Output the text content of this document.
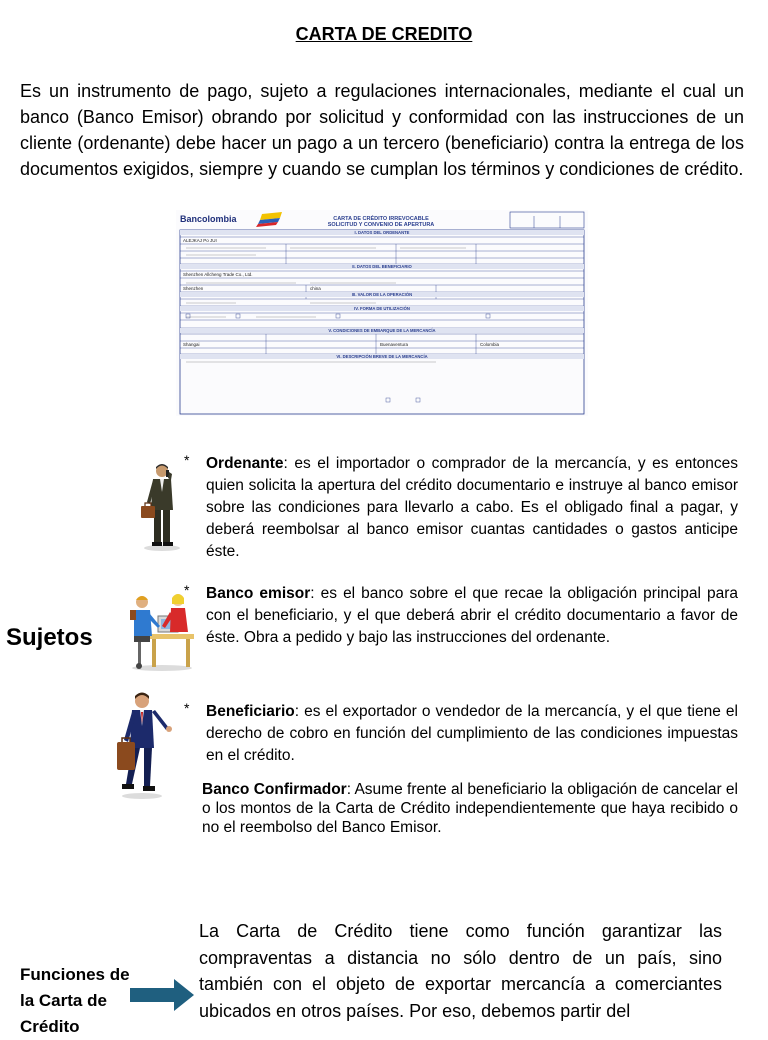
CARTA DE CREDITO

Es un instrumento de pago, sujeto a regulaciones internacionales, mediante el cual un banco (Banco Emisor) obrando por solicitud y conformidad con las instrucciones de un cliente (ordenante) debe hacer un pago a un tercero (beneficiario) contra la entrega de los documentos exigidos, siempre y cuando se cumplan los términos y condiciones de crédito.

Bancolombia	CARTA DE CRÉDITO IRREVOCABLE
SOLICITUD Y CONVENIO DE APERTURA
I. DATOS DEL ORDENANTE
II. DATOS DEL BENEFICIARIO
III. VALOR DE LA OPERACIÓN
IV. FORMA DE UTILIZACIÓN
V. CONDICIONES DE EMBARQUE DE LA MERCANCÍA
VI. DESCRIPCIÓN BREVE DE LA MERCANCÍA
ALEJKAJ Po JUI
Shenzhen Allcheng Trade Co., Ltd.
Shenzhen	china
Shangai	Buenaventura	Colombia
Sujetos
* Ordenante: es el importador o comprador de la mercancía, y es entonces quien solicita la apertura del crédito documentario e instruye al banco emisor sobre las condiciones para llevarlo a cabo. Es el obligado final a pagar, y deberá reembolsar al banco emisor cuantas cantidades o gastos anticipe éste.

* Banco emisor: es el banco sobre el que recae la obligación principal para con el beneficiario, y el que deberá abrir el crédito documentario a favor de éste. Obra a pedido y bajo las instrucciones del ordenante.

* Beneficiario: es el exportador o vendedor de la mercancía, y el que tiene el derecho de cobro en función del cumplimiento de las condiciones impuestas en el crédito.

Banco Confirmador: Asume frente al beneficiario la obligación de cancelar el o los montos de la Carta de Crédito independientemente que haya recibido o no el reembolso del Banco Emisor.

Funciones de la Carta de Crédito

La Carta de Crédito tiene como función garantizar las compraventas a distancia no sólo dentro de un país, sino también con el objeto de exportar mercancía a comerciantes ubicados en otros países. Por eso, debemos partir del
